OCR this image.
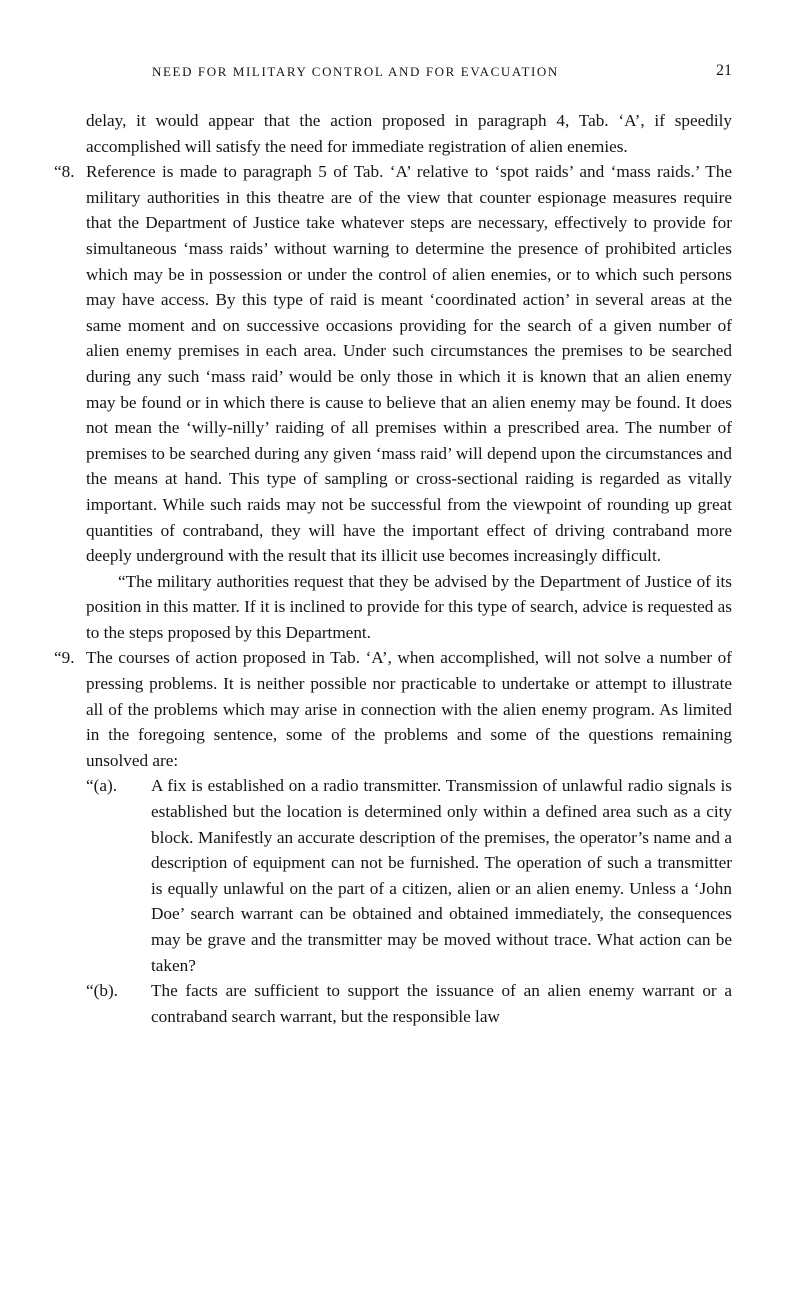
NEED FOR MILITARY CONTROL AND FOR EVACUATION	21

delay, it would appear that the action proposed in paragraph 4, Tab. ‘A’, if speedily accomplished will satisfy the need for immediate registration of alien enemies.

“8. Reference is made to paragraph 5 of Tab. ‘A’ relative to ‘spot raids’ and ‘mass raids.’ The military authorities in this theatre are of the view that counter espionage measures require that the Department of Justice take whatever steps are necessary, effectively to provide for simultaneous ‘mass raids’ without warning to determine the presence of prohibited articles which may be in possession or under the control of alien enemies, or to which such persons may have access. By this type of raid is meant ‘coordinated action’ in several areas at the same moment and on successive occasions providing for the search of a given number of alien enemy premises in each area. Under such circumstances the premises to be searched during any such ‘mass raid’ would be only those in which it is known that an alien enemy may be found or in which there is cause to believe that an alien enemy may be found. It does not mean the ‘willy-nilly’ raiding of all premises within a prescribed area. The number of premises to be searched during any given ‘mass raid’ will depend upon the circumstances and the means at hand. This type of sampling or cross-sectional raiding is regarded as vitally important. While such raids may not be successful from the viewpoint of rounding up great quantities of contraband, they will have the important effect of driving contraband more deeply underground with the result that its illicit use becomes increasingly difficult.

“The military authorities request that they be advised by the Department of Justice of its position in this matter. If it is inclined to provide for this type of search, advice is requested as to the steps proposed by this Department.

“9. The courses of action proposed in Tab. ‘A’, when accomplished, will not solve a number of pressing problems. It is neither possible nor practicable to undertake or attempt to illustrate all of the problems which may arise in connection with the alien enemy program. As limited in the foregoing sentence, some of the problems and some of the questions remaining unsolved are:

“(a). A fix is established on a radio transmitter. Transmission of unlawful radio signals is established but the location is determined only within a defined area such as a city block. Manifestly an accurate description of the premises, the operator’s name and a description of equipment can not be furnished. The operation of such a transmitter is equally unlawful on the part of a citizen, alien or an alien enemy. Unless a ‘John Doe’ search warrant can be obtained and obtained immediately, the consequences may be grave and the transmitter may be moved without trace. What action can be taken?

“(b). The facts are sufficient to support the issuance of an alien enemy warrant or a contraband search warrant, but the responsible law
